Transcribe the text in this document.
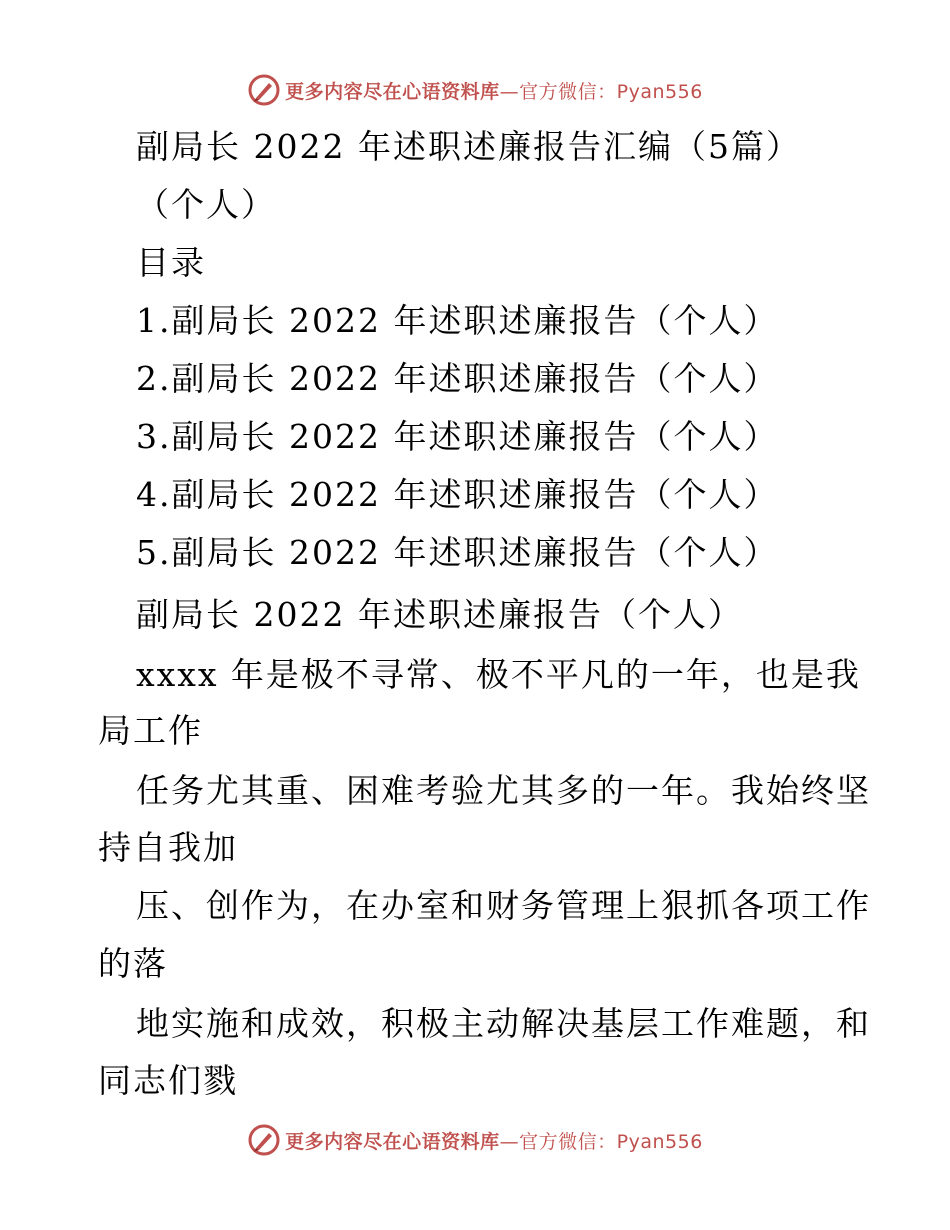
更多内容尽在心语资料库—官方微信：Pyan556
副局长 2022 年述职述廉报告汇编（5篇）
（个人）
目录
1.副局长 2022 年述职述廉报告（个人）
2.副局长 2022 年述职述廉报告（个人）
3.副局长 2022 年述职述廉报告（个人）
4.副局长 2022 年述职述廉报告（个人）
5.副局长 2022 年述职述廉报告（个人）
副局长 2022 年述职述廉报告（个人）
xxxx 年是极不寻常、极不平凡的一年，也是我
局工作
任务尤其重、困难考验尤其多的一年。我始终坚
持自我加
压、创作为，在办室和财务管理上狠抓各项工作
的落
地实施和成效，积极主动解决基层工作难题，和
同志们戮
更多内容尽在心语资料库—官方微信：Pyan556
